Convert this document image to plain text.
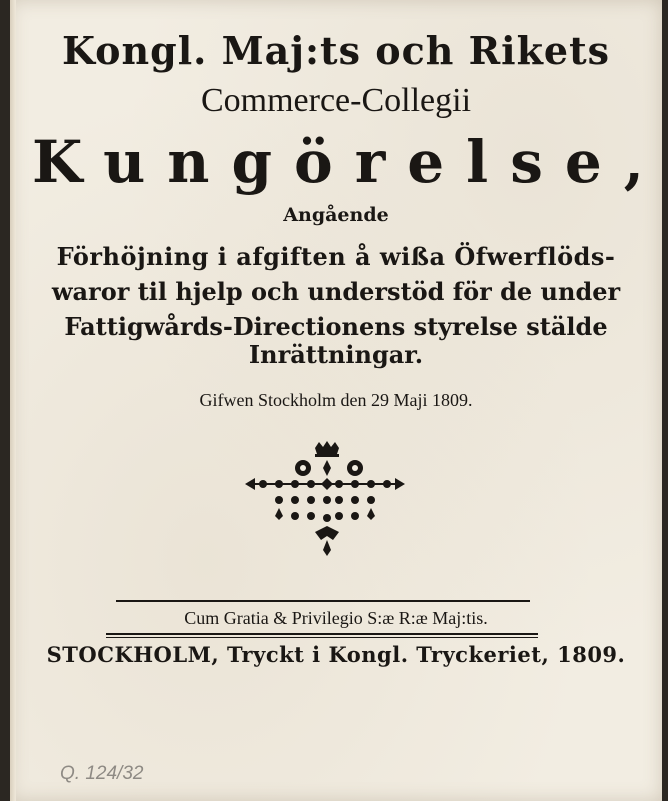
Kongl. Maj:ts och Rikets
Commerce-Collegii
Kungörelse,
Angående
Förhöjning i afgiften å wißa Öfwerflöds-
waror til hjelp och understöd för de under
Fattigwårds-Directionens styrelse stälde
Inrättningar.
Gifwen Stockholm den 29 Maji 1809.
Cum Gratia & Privilegio S:æ R:æ Maj:tis.
STOCKHOLM, Tryckt i Kongl. Tryckeriet, 1809.
Q. 124/32
